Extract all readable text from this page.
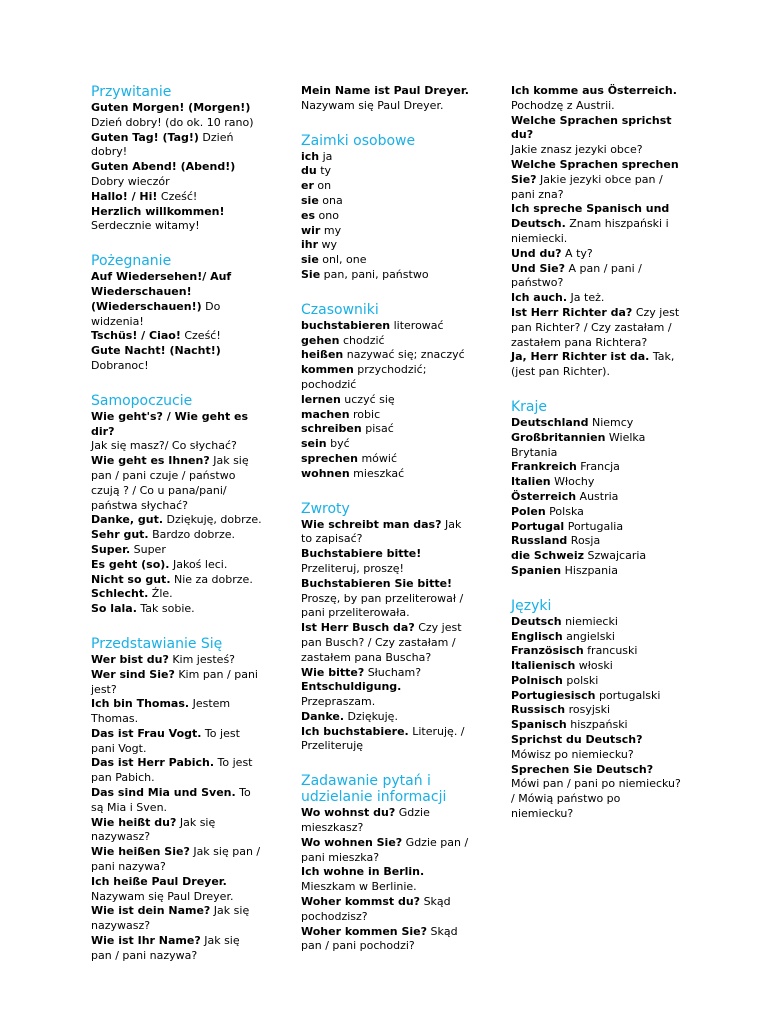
Przywitanie

Guten Morgen! (Morgen!)

Dzień dobry! (do ok. 10 rano)

Guten Tag! (Tag!) Dzień dobry!

Guten Abend! (Abend!) Dobry wieczór

Hallo! / Hi! Cześć!

Herzlich willkommen!

Serdecznie witamy!

Pożegnanie

Auf Wiedersehen!/ Auf Wiederschauen! (Wiederschauen!) Do widzenia!

Tschüs! / Ciao! Cześć!

Gute Nacht! (Nacht!)

Dobranoc!

Samopoczucie

Wie geht's? / Wie geht es dir?

Jak się masz?/ Co słychać?

Wie geht es Ihnen? Jak się pan / pani czuje / państwo czują ? / Co u pana/pani/ państwa słychać?

Danke, gut. Dziękuję, dobrze.

Sehr gut. Bardzo dobrze.

Super. Super

Es geht (so). Jakoś leci.

Nicht so gut. Nie za dobrze.

Schlecht. Źle.

So lala. Tak sobie.

Przedstawianie Się

Wer bist du? Kim jesteś?

Wer sind Sie? Kim pan / pani jest?

Ich bin Thomas. Jestem Thomas.

Das ist Frau Vogt. To jest pani Vogt.

Das ist Herr Pabich. To jest pan Pabich.

Das sind Mia und Sven. To są Mia i Sven.

Wie heißt du? Jak się nazywasz?

Wie heißen Sie? Jak się pan / pani nazywa?

Ich heiße Paul Dreyer.

Nazywam się Paul Dreyer.

Wie ist dein Name? Jak się nazywasz?

Wie ist Ihr Name? Jak się pan / pani nazywa?

Mein Name ist Paul Dreyer.

Nazywam się Paul Dreyer.

Zaimki osobowe

ich ja

du ty

er on

sie ona

es ono

wir my

ihr wy

sie onl, one

Sie pan, pani, państwo

Czasowniki

buchstabieren literować

gehen chodzić

heißen nazywać się; znaczyć

kommen przychodzić; pochodzić

lernen uczyć się

machen robic

schreiben pisać

sein być

sprechen mówić

wohnen mieszkać

Zwroty

Wie schreibt man das? Jak to zapisać?

Buchstabiere bitte! Przeliteruj, proszę!

Buchstabieren Sie bitte!

Proszę, by pan przeliterował / pani przeliterowała.

Ist Herr Busch da? Czy jest pan Busch? / Czy zastałam / zastałem pana Buscha?

Wie bitte? Słucham?

Entschuldigung. Przepraszam.

Danke. Dziękuję.

Ich buchstabiere. Literuję. / Przeliteruję

Zadawanie pytań i udzielanie informacji

Wo wohnst du? Gdzie mieszkasz?

Wo wohnen Sie? Gdzie pan / pani mieszka?

Ich wohne in Berlin. Mieszkam w Berlinie.

Woher kommst du? Skąd pochodzisz?

Woher kommen Sie? Skąd pan / pani pochodzi?

Ich komme aus Österreich.

Pochodzę z Austrii.

Welche Sprachen sprichst du?

Jakie znasz jezyki obce?

Welche Sprachen sprechen Sie? Jakie jezyki obce pan / pani zna?

Ich spreche Spanisch und Deutsch. Znam hiszpański i niemiecki.

Und du? A ty?

Und Sie? A pan / pani / państwo?

Ich auch. Ja też.

Ist Herr Richter da? Czy jest pan Richter? / Czy zastałam / zastałem pana Richtera?

Ja, Herr Richter ist da. Tak, (jest pan Richter).

Kraje

Deutschland Niemcy

Großbritannien Wielka Brytania

Frankreich Francja

Italien Włochy

Österreich Austria

Polen Polska

Portugal Portugalia

Russland Rosja

die Schweiz Szwajcaria

Spanien Hiszpania

Języki

Deutsch niemiecki

Englisch angielski

Französisch francuski

Italienisch włoski

Polnisch polski

Portugiesisch portugalski

Russisch rosyjski

Spanisch hiszpański

Sprichst du Deutsch? Mówisz po niemiecku?

Sprechen Sie Deutsch? Mówi pan / pani po niemiecku? / Mówią państwo po niemiecku?
